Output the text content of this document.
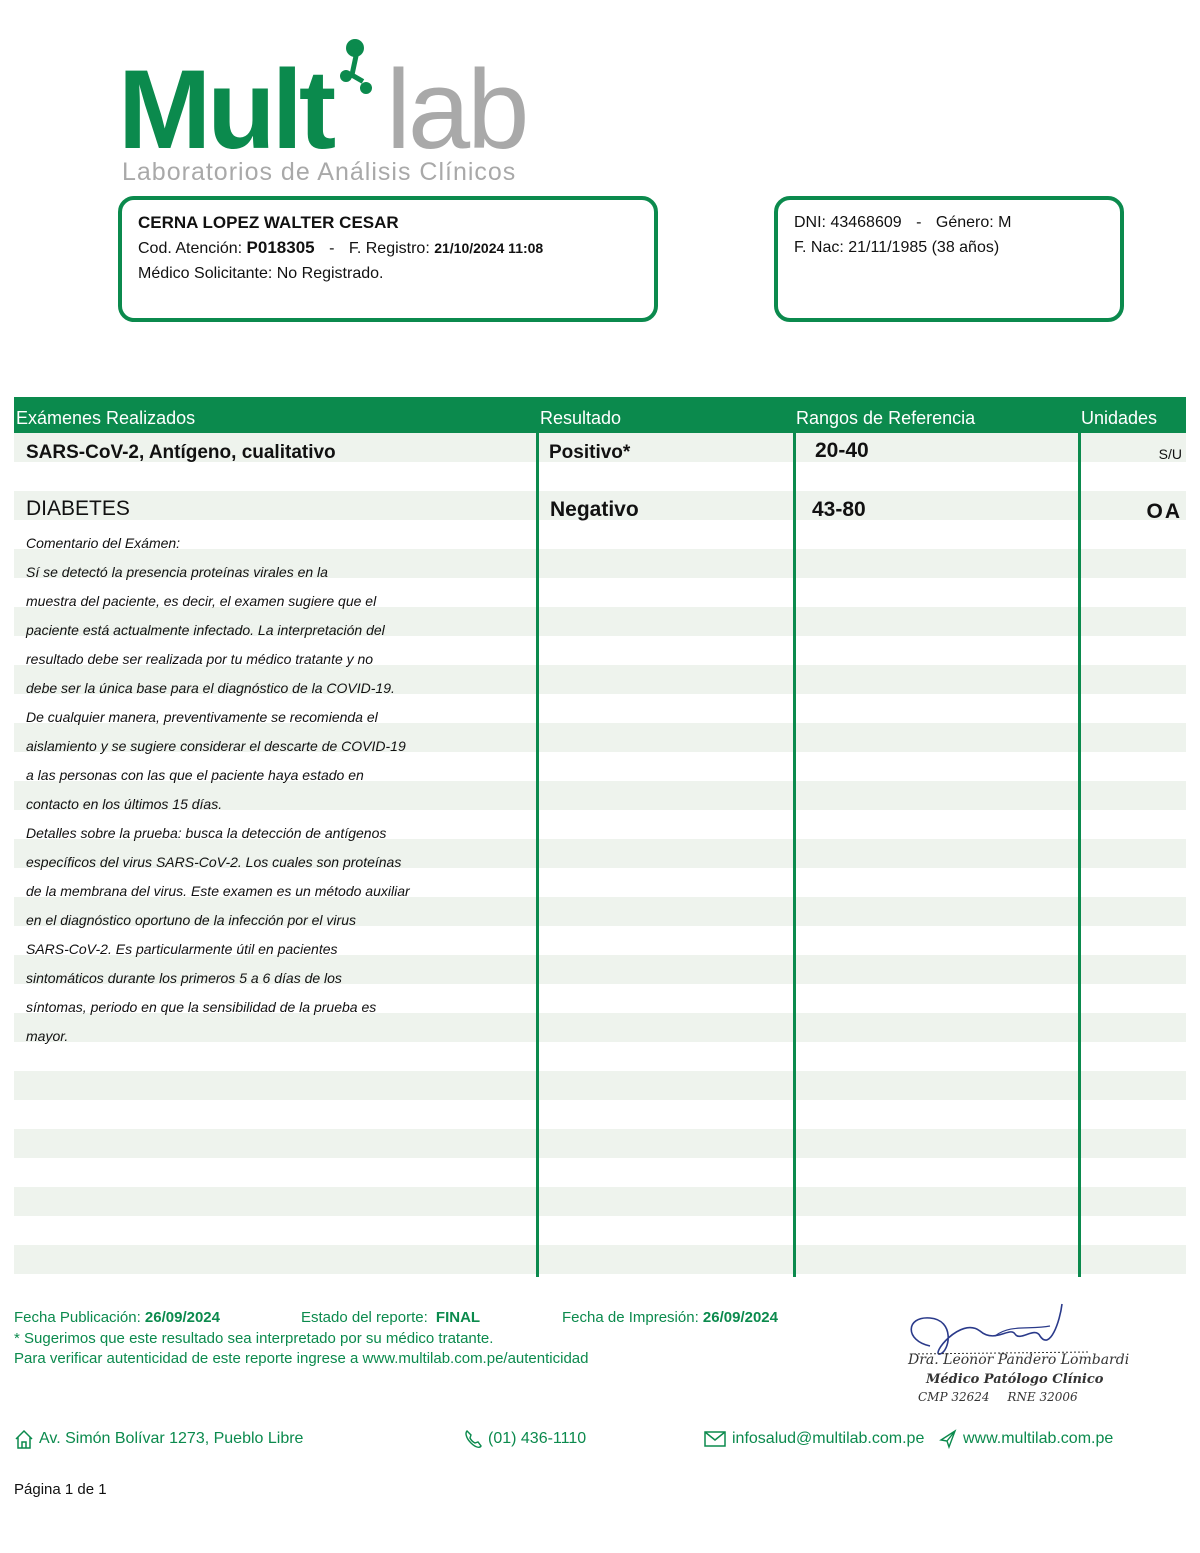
Mult lab
Laboratorios de Análisis Clínicos
CERNA LOPEZ WALTER CESAR
Cod. Atención: P018305 - F. Registro: 21/10/2024 11:08
Médico Solicitante: No Registrado.
DNI: 43468609 - Género: M
F. Nac: 21/11/1985 (38 años)
Exámenes Realizados	Resultado	Rangos de Referencia	Unidades
SARS-CoV-2, Antígeno, cualitativo	Positivo*	20-40	S/U
DIABETES	Negativo	43-80	OA
Comentario del Exámen:
Sí se detectó la presencia proteínas virales en la
muestra del paciente, es decir, el examen sugiere que el
paciente está actualmente infectado. La interpretación del
resultado debe ser realizada por tu médico tratante y no
debe ser la única base para el diagnóstico de la COVID-19.
De cualquier manera, preventivamente se recomienda el
aislamiento y se sugiere considerar el descarte de COVID-19
a las personas con las que el paciente haya estado en
contacto en los últimos 15 días.
Detalles sobre la prueba: busca la detección de antígenos
específicos del virus SARS-CoV-2. Los cuales son proteínas
de la membrana del virus. Este examen es un método auxiliar
en el diagnóstico oportuno de la infección por el virus
SARS-CoV-2. Es particularmente útil en pacientes
sintomáticos durante los primeros 5 a 6 días de los
síntomas, periodo en que la sensibilidad de la prueba es
mayor.
Fecha Publicación: 26/09/2024	Estado del reporte: FINAL	Fecha de Impresión: 26/09/2024
* Sugerimos que este resultado sea interpretado por su médico tratante.
Para verificar autenticidad de este reporte ingrese a www.multilab.com.pe/autenticidad	Dra. Leonor Pandero Lombardi
Médico Patólogo Clínico
CMP 32624 RNE 32006
Av. Simón Bolívar 1273, Pueblo Libre	(01) 436-1110	infosalud@multilab.com.pe www.multilab.com.pe
Página 1 de 1
